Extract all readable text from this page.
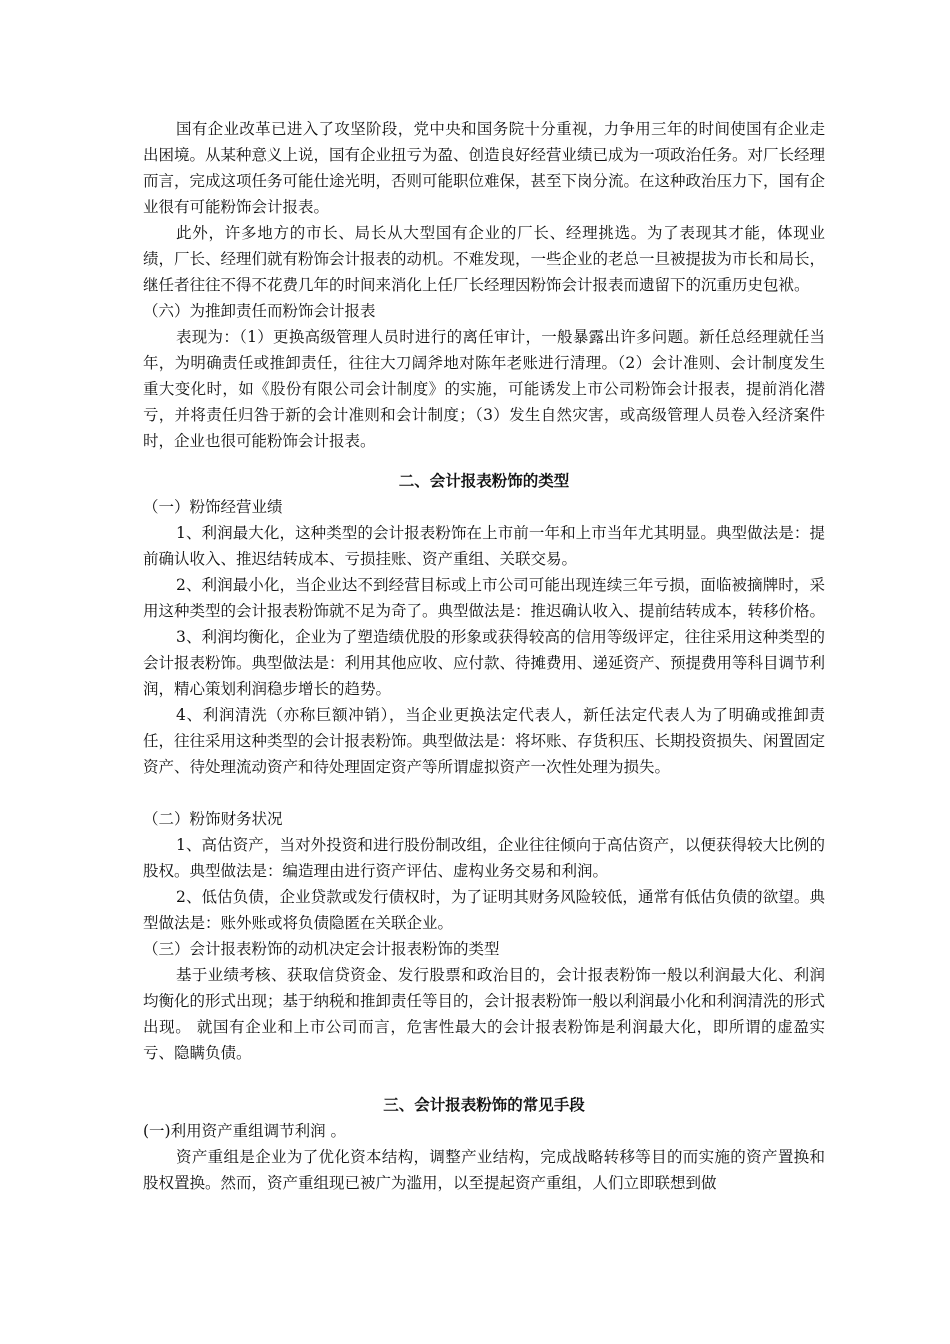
国有企业改革已进入了攻坚阶段，党中央和国务院十分重视，力争用三年的时间使国有企业走出困境。从某种意义上说，国有企业扭亏为盈、创造良好经营业绩已成为一项政治任务。对厂长经理而言，完成这项任务可能仕途光明，否则可能职位难保，甚至下岗分流。在这种政治压力下，国有企业很有可能粉饰会计报表。

此外，许多地方的市长、局长从大型国有企业的厂长、经理挑选。为了表现其才能，体现业绩，厂长、经理们就有粉饰会计报表的动机。不难发现，一些企业的老总一旦被提拔为市长和局长，继任者往往不得不花费几年的时间来消化上任厂长经理因粉饰会计报表而遗留下的沉重历史包袱。

（六）为推卸责任而粉饰会计报表

表现为：（1）更换高级管理人员时进行的离任审计，一般暴露出许多问题。新任总经理就任当年，为明确责任或推卸责任，往往大刀阔斧地对陈年老账进行清理。（2）会计准则、会计制度发生重大变化时，如《股份有限公司会计制度》的实施，可能诱发上市公司粉饰会计报表，提前消化潜亏，并将责任归咎于新的会计准则和会计制度；（3）发生自然灾害，或高级管理人员卷入经济案件时，企业也很可能粉饰会计报表。

二、会计报表粉饰的类型

（一）粉饰经营业绩

1、利润最大化，这种类型的会计报表粉饰在上市前一年和上市当年尤其明显。典型做法是：提前确认收入、推迟结转成本、亏损挂账、资产重组、关联交易。

2、利润最小化，当企业达不到经营目标或上市公司可能出现连续三年亏损，面临被摘牌时，采用这种类型的会计报表粉饰就不足为奇了。典型做法是：推迟确认收入、提前结转成本，转移价格。

3、利润均衡化，企业为了塑造绩优股的形象或获得较高的信用等级评定，往往采用这种类型的会计报表粉饰。典型做法是：利用其他应收、应付款、待摊费用、递延资产、预提费用等科目调节利润，精心策划利润稳步增长的趋势。

4、利润清洗（亦称巨额冲销），当企业更换法定代表人，新任法定代表人为了明确或推卸责任，往往采用这种类型的会计报表粉饰。典型做法是：将坏账、存货积压、长期投资损失、闲置固定资产、待处理流动资产和待处理固定资产等所谓虚拟资产一次性处理为损失。

（二）粉饰财务状况

1、高估资产，当对外投资和进行股份制改组，企业往往倾向于高估资产，以便获得较大比例的股权。典型做法是：编造理由进行资产评估、虚构业务交易和利润。

2、低估负债，企业贷款或发行债权时，为了证明其财务风险较低，通常有低估负债的欲望。典型做法是：账外账或将负债隐匿在关联企业。

（三）会计报表粉饰的动机决定会计报表粉饰的类型

基于业绩考核、获取信贷资金、发行股票和政治目的，会计报表粉饰一般以利润最大化、利润均衡化的形式出现；基于纳税和推卸责任等目的，会计报表粉饰一般以利润最小化和利润清洗的形式出现。 就国有企业和上市公司而言，危害性最大的会计报表粉饰是利润最大化，即所谓的虚盈实亏、隐瞒负债。

三、会计报表粉饰的常见手段

(一)利用资产重组调节利润 。

资产重组是企业为了优化资本结构，调整产业结构，完成战略转移等目的而实施的资产置换和股权置换。然而，资产重组现已被广为滥用，以至提起资产重组，人们立即联想到做
